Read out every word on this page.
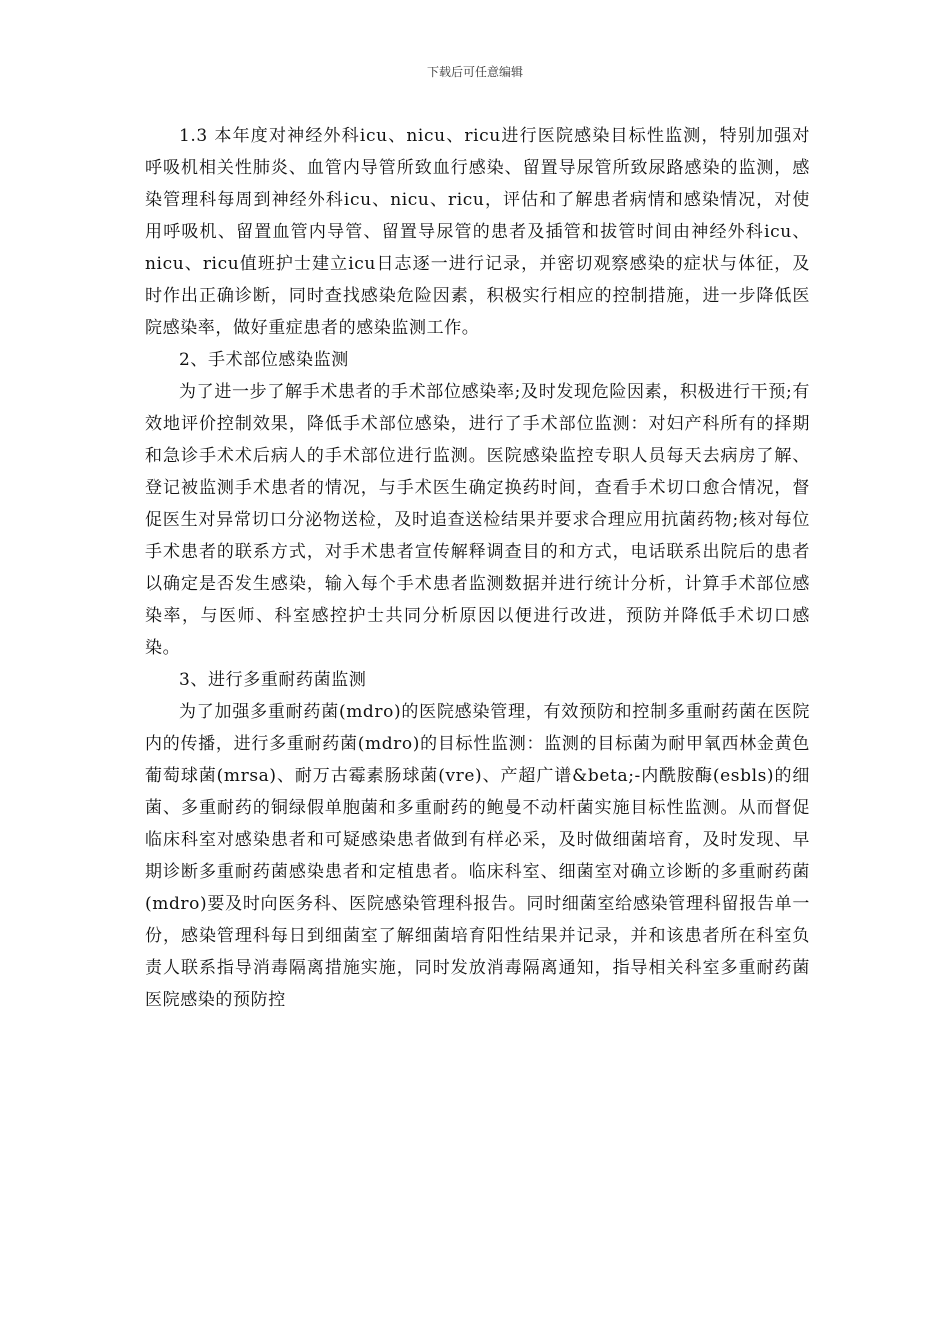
下载后可任意编辑

1.3 本年度对神经外科icu、nicu、ricu进行医院感染目标性监测，特别加强对呼吸机相关性肺炎、血管内导管所致血行感染、留置导尿管所致尿路感染的监测，感染管理科每周到神经外科icu、nicu、ricu，评估和了解患者病情和感染情况，对使用呼吸机、留置血管内导管、留置导尿管的患者及插管和拔管时间由神经外科icu、nicu、ricu值班护士建立icu日志逐一进行记录，并密切观察感染的症状与体征，及时作出正确诊断，同时查找感染危险因素，积极实行相应的控制措施，进一步降低医院感染率，做好重症患者的感染监测工作。

2、手术部位感染监测

为了进一步了解手术患者的手术部位感染率;及时发现危险因素，积极进行干预;有效地评价控制效果，降低手术部位感染，进行了手术部位监测：对妇产科所有的择期和急诊手术术后病人的手术部位进行监测。医院感染监控专职人员每天去病房了解、登记被监测手术患者的情况，与手术医生确定换药时间，查看手术切口愈合情况，督促医生对异常切口分泌物送检，及时追查送检结果并要求合理应用抗菌药物;核对每位手术患者的联系方式，对手术患者宣传解释调查目的和方式，电话联系出院后的患者以确定是否发生感染，输入每个手术患者监测数据并进行统计分析，计算手术部位感染率，与医师、科室感控护士共同分析原因以便进行改进，预防并降低手术切口感染。

3、进行多重耐药菌监测

为了加强多重耐药菌(mdro)的医院感染管理，有效预防和控制多重耐药菌在医院内的传播，进行多重耐药菌(mdro)的目标性监测：监测的目标菌为耐甲氧西林金黄色葡萄球菌(mrsa)、耐万古霉素肠球菌(vre)、产超广谱&beta;-内酰胺酶(esbls)的细菌、多重耐药的铜绿假单胞菌和多重耐药的鲍曼不动杆菌实施目标性监测。从而督促临床科室对感染患者和可疑感染患者做到有样必采，及时做细菌培育，及时发现、早期诊断多重耐药菌感染患者和定植患者。临床科室、细菌室对确立诊断的多重耐药菌(mdro)要及时向医务科、医院感染管理科报告。同时细菌室给感染管理科留报告单一份，感染管理科每日到细菌室了解细菌培育阳性结果并记录，并和该患者所在科室负责人联系指导消毒隔离措施实施，同时发放消毒隔离通知，指导相关科室多重耐药菌医院感染的预防控
